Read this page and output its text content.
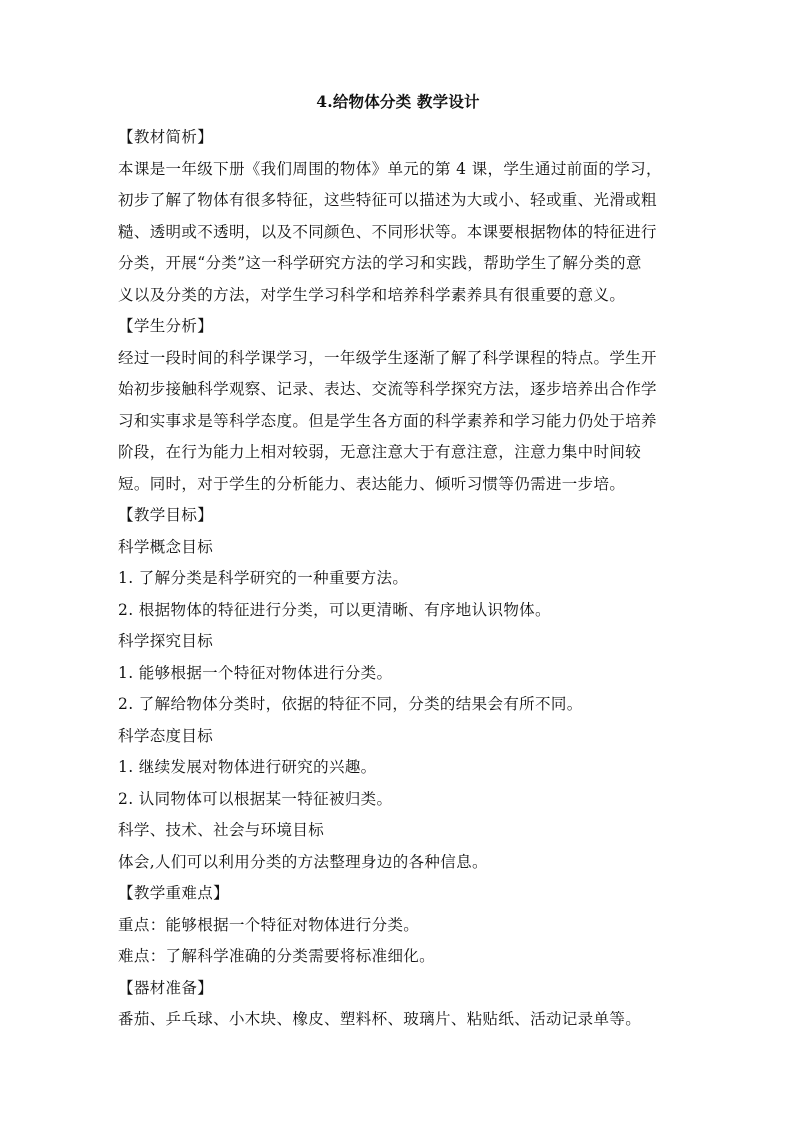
4.给物体分类 教学设计
【教材简析】
本课是一年级下册《我们周围的物体》单元的第 4 课，学生通过前面的学习，
初步了解了物体有很多特征，这些特征可以描述为大或小、轻或重、光滑或粗
糙、透明或不透明，以及不同颜色、不同形状等。本课要根据物体的特征进行
分类，开展“分类”这一科学研究方法的学习和实践，帮助学生了解分类的意
义以及分类的方法，对学生学习科学和培养科学素养具有很重要的意义。
【学生分析】
经过一段时间的科学课学习，一年级学生逐渐了解了科学课程的特点。学生开
始初步接触科学观察、记录、表达、交流等科学探究方法，逐步培养出合作学
习和实事求是等科学态度。但是学生各方面的科学素养和学习能力仍处于培养
阶段，在行为能力上相对较弱，无意注意大于有意注意，注意力集中时间较
短。同时，对于学生的分析能力、表达能力、倾听习惯等仍需进一步培。
【教学目标】
科学概念目标
1. 了解分类是科学研究的一种重要方法。
2. 根据物体的特征进行分类，可以更清晰、有序地认识物体。
科学探究目标
1. 能够根据一个特征对物体进行分类。
2. 了解给物体分类时，依据的特征不同，分类的结果会有所不同。
科学态度目标
1. 继续发展对物体进行研究的兴趣。
2. 认同物体可以根据某一特征被归类。
科学、技术、社会与环境目标
体会,人们可以利用分类的方法整理身边的各种信息。
【教学重难点】
重点：能够根据一个特征对物体进行分类。
难点：了解科学准确的分类需要将标准细化。
【器材准备】
番茄、乒乓球、小木块、橡皮、塑料杯、玻璃片、粘贴纸、活动记录单等。
